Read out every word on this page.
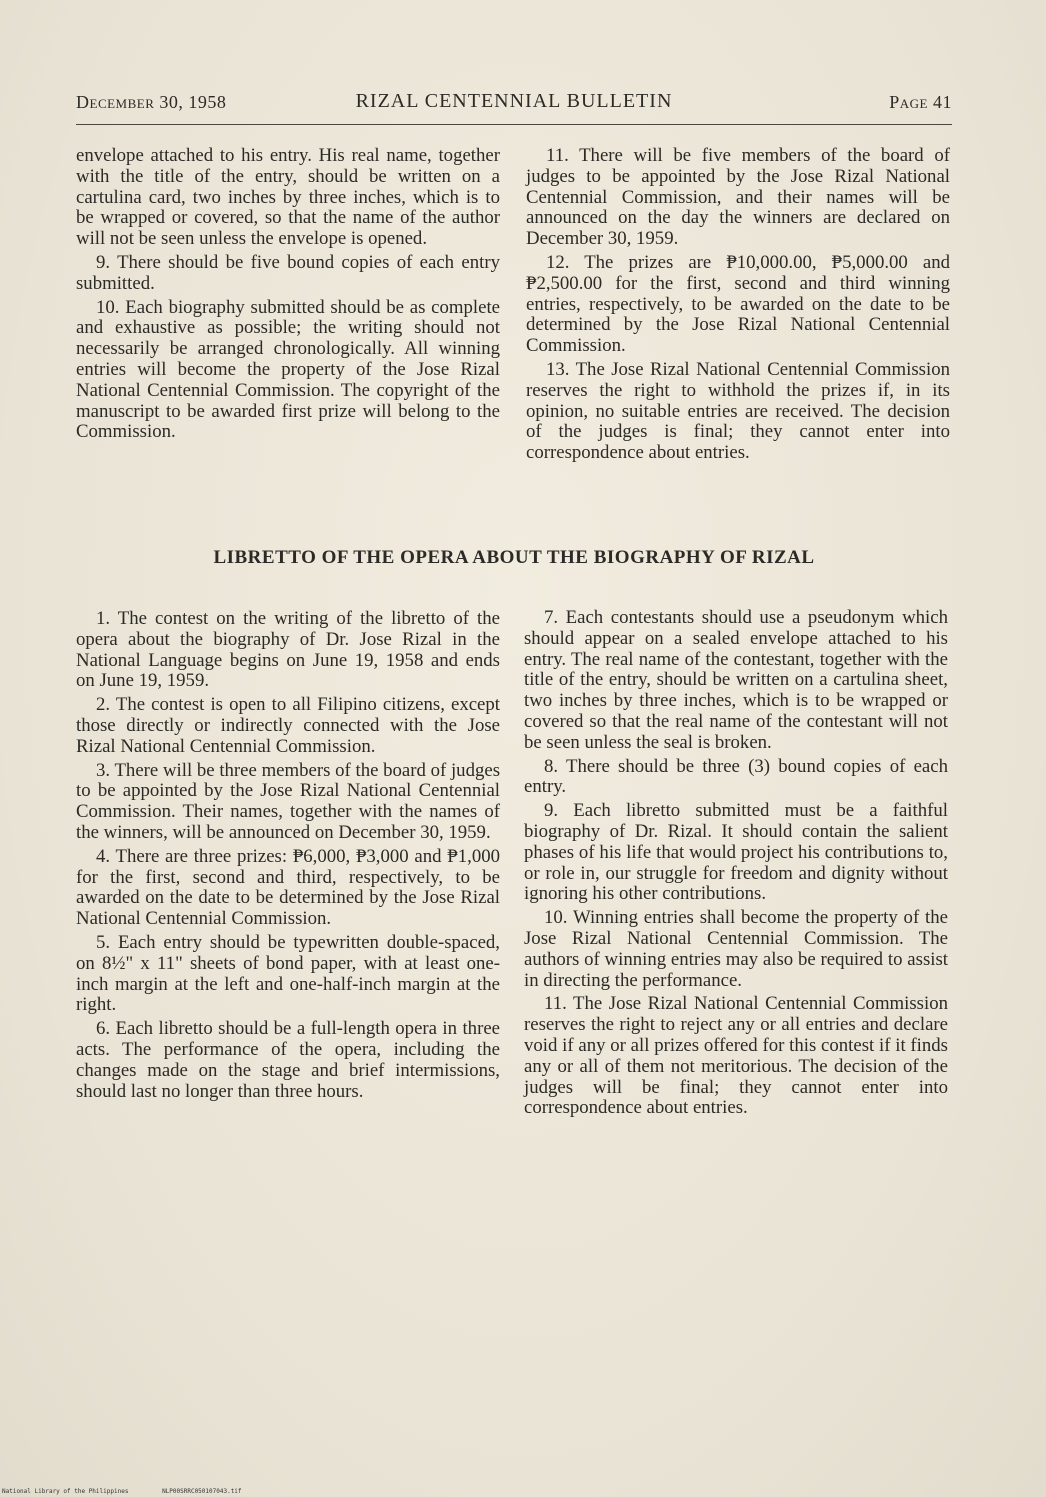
December 30, 1958	RIZAL CENTENNIAL BULLETIN	Page 41

envelope attached to his entry. His real name, together with the title of the entry, should be written on a cartulina card, two inches by three inches, which is to be wrapped or covered, so that the name of the author will not be seen unless the envelope is opened.

9. There should be five bound copies of each entry submitted.

10. Each biography submitted should be as complete and exhaustive as possible; the writing should not necessarily be arranged chronologically. All winning entries will become the property of the Jose Rizal National Centennial Commission. The copyright of the manuscript to be awarded first prize will belong to the Commission.

11. There will be five members of the board of judges to be appointed by the Jose Rizal National Centennial Commission, and their names will be announced on the day the winners are declared on December 30, 1959.

12. The prizes are ₱10,000.00, ₱5,000.00 and ₱2,500.00 for the first, second and third winning entries, respectively, to be awarded on the date to be determined by the Jose Rizal National Centennial Commission.

13. The Jose Rizal National Centennial Commission reserves the right to withhold the prizes if, in its opinion, no suitable entries are received. The decision of the judges is final; they cannot enter into correspondence about entries.

LIBRETTO OF THE OPERA ABOUT THE BIOGRAPHY OF RIZAL

1. The contest on the writing of the libretto of the opera about the biography of Dr. Jose Rizal in the National Language begins on June 19, 1958 and ends on June 19, 1959.

2. The contest is open to all Filipino citizens, except those directly or indirectly connected with the Jose Rizal National Centennial Commission.

3. There will be three members of the board of judges to be appointed by the Jose Rizal National Centennial Commission. Their names, together with the names of the winners, will be announced on December 30, 1959.

4. There are three prizes: ₱6,000, ₱3,000 and ₱1,000 for the first, second and third, respectively, to be awarded on the date to be determined by the Jose Rizal National Centennial Commission.

5. Each entry should be typewritten double-spaced, on 8½" x 11" sheets of bond paper, with at least one-inch margin at the left and one-half-inch margin at the right.

6. Each libretto should be a full-length opera in three acts. The performance of the opera, including the changes made on the stage and brief intermissions, should last no longer than three hours.

7. Each contestants should use a pseudonym which should appear on a sealed envelope attached to his entry. The real name of the contestant, together with the title of the entry, should be written on a cartulina sheet, two inches by three inches, which is to be wrapped or covered so that the real name of the contestant will not be seen unless the seal is broken.

8. There should be three (3) bound copies of each entry.

9. Each libretto submitted must be a faithful biography of Dr. Rizal. It should contain the salient phases of his life that would project his contributions to, or role in, our struggle for freedom and dignity without ignoring his other contributions.

10. Winning entries shall become the property of the Jose Rizal National Centennial Commission. The authors of winning entries may also be required to assist in directing the performance.

11. The Jose Rizal National Centennial Commission reserves the right to reject any or all entries and declare void if any or all prizes offered for this contest if it finds any or all of them not meritorious. The decision of the judges will be final; they cannot enter into correspondence about entries.

National Library of the Philippines	NLP00SRRC050107043.tif
